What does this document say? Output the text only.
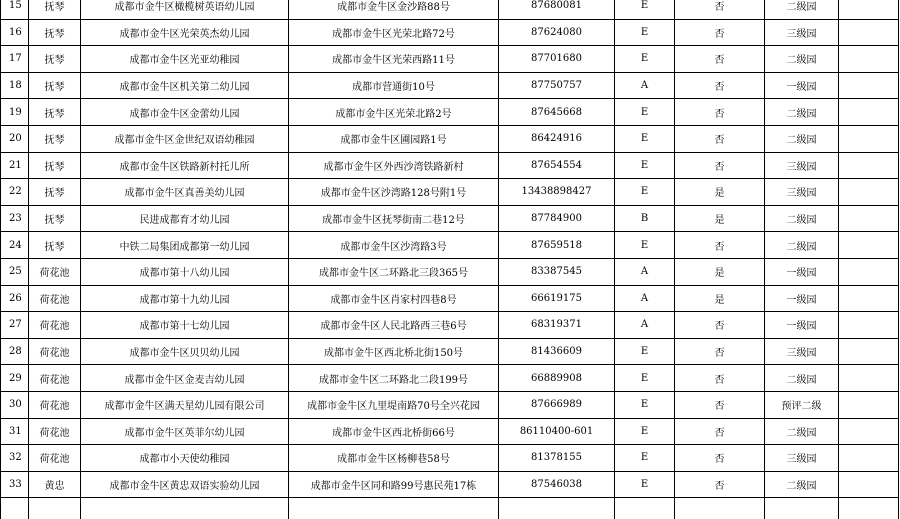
15	抚琴	成都市金牛区橄榄树英语幼儿园	成都市金牛区金沙路88号	87680081	E	否	二级园	
16	抚琴	成都市金牛区光荣英杰幼儿园	成都市金牛区光荣北路72号	87624080	E	否	三级园	
17	抚琴	成都市金牛区光亚幼稚园	成都市金牛区光荣西路11号	87701680	E	否	二级园	
18	抚琴	成都市金牛区机关第二幼儿园	成都市营通街10号	87750757	A	否	一级园	
19	抚琴	成都市金牛区金蕾幼儿园	成都市金牛区光荣北路2号	87645668	E	否	二级园	
20	抚琴	成都市金牛区金世纪双语幼稚园	成都市金牛区圃园路1号	86424916	E	否	二级园	
21	抚琴	成都市金牛区铁路新村托儿所	成都市金牛区外西沙湾铁路新村	87654554	E	否	三级园	
22	抚琴	成都市金牛区真善美幼儿园	成都市金牛区沙湾路128号附1号	13438898427	E	是	三级园	
23	抚琴	民进成都育才幼儿园	成都市金牛区抚琴街南二巷12号	87784900	B	是	二级园	
24	抚琴	中铁二局集团成都第一幼儿园	成都市金牛区沙湾路3号	87659518	E	否	二级园	
25	荷花池	成都市第十八幼儿园	成都市金牛区二环路北三段365号	83387545	A	是	一级园	
26	荷花池	成都市第十九幼儿园	成都市金牛区肖家村四巷8号	66619175	A	是	一级园	
27	荷花池	成都市第十七幼儿园	成都市金牛区人民北路西三巷6号	68319371	A	否	一级园	
28	荷花池	成都市金牛区贝贝幼儿园	成都市金牛区西北桥北街150号	81436609	E	否	三级园	
29	荷花池	成都市金牛区金麦吉幼儿园	成都市金牛区二环路北二段199号	66889908	E	否	二级园	
30	荷花池	成都市金牛区满天星幼儿园有限公司	成都市金牛区九里堤南路70号全兴花园	87666989	E	否	预评二级	
31	荷花池	成都市金牛区英菲尔幼儿园	成都市金牛区西北桥街66号	86110400-601	E	否	二级园	
32	荷花池	成都市小天使幼稚园	成都市金牛区杨柳巷58号	81378155	E	否	三级园	
33	黄忠	成都市金牛区黄忠双语实验幼儿园	成都市金牛区同和路99号惠民苑17栋	87546038	E	否	二级园	
